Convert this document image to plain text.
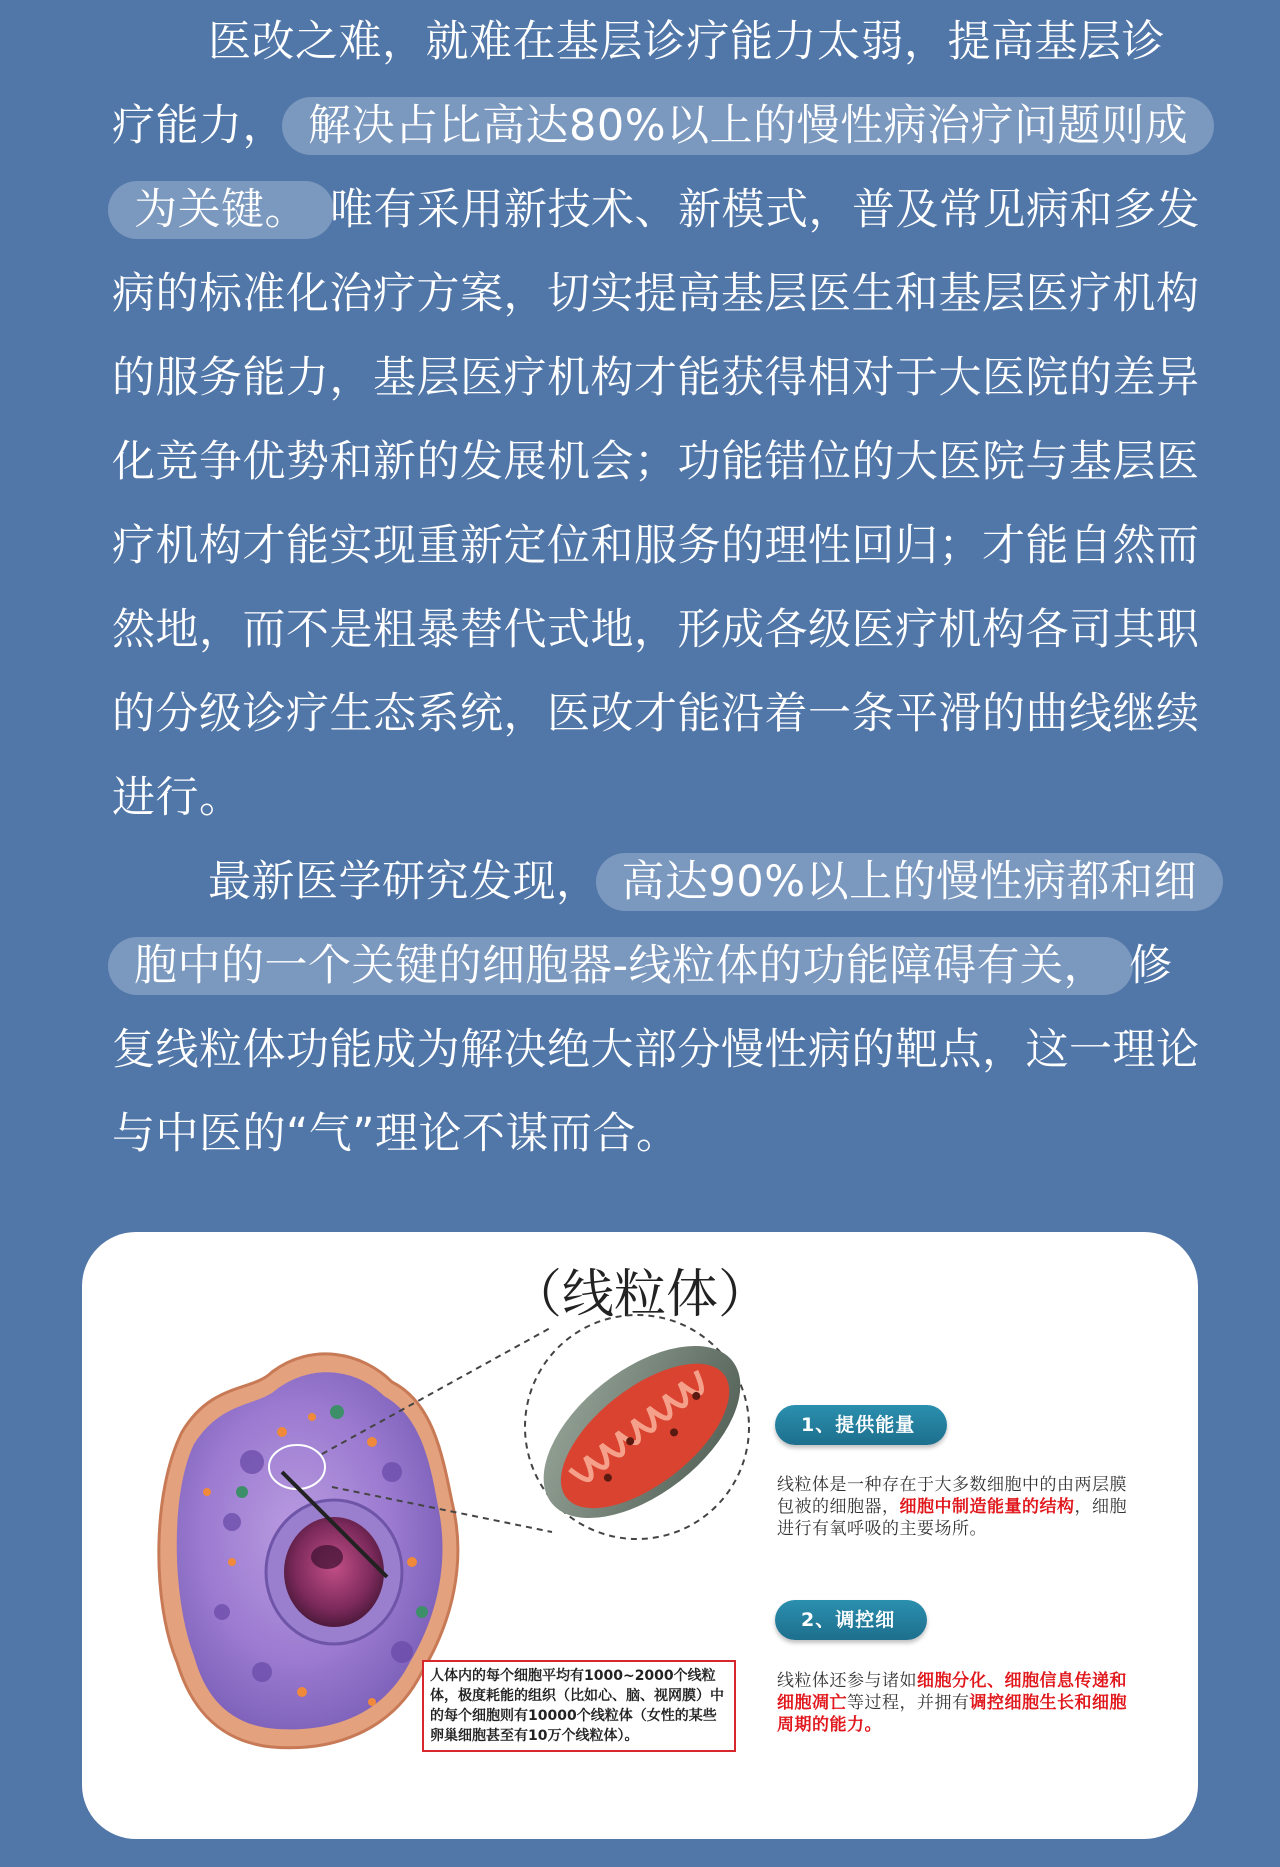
医改之难，就难在基层诊疗能力太弱，提高基层诊疗能力， 解决占比高达80%以上的慢性病治疗问题则成为关键。 唯有采用新技术、新模式，普及常见病和多发病的标准化治疗方案，切实提高基层医生和基层医疗机构的服务能力，基层医疗机构才能获得相对于大医院的差异化竞争优势和新的发展机会；功能错位的大医院与基层医疗机构才能实现重新定位和服务的理性回归；才能自然而然地，而不是粗暴替代式地，形成各级医疗机构各司其职的分级诊疗生态系统，医改才能沿着一条平滑的曲线继续进行。

最新医学研究发现， 高达90%以上的慢性病都和细胞中的一个关键的细胞器-线粒体的功能障碍有关， 修复线粒体功能成为解决绝大部分慢性病的靶点，这一理论与中医的“气”理论不谋而合。

（线粒体）
1、提供能量
线粒体是一种存在于大多数细胞中的由两层膜包被的细胞器，细胞中制造能量的结构，细胞进行有氧呼吸的主要场所。
2、调控细胞
线粒体还参与诸如细胞分化、细胞信息传递和细胞凋亡等过程，并拥有调控细胞生长和细胞周期的能力。
人体内的每个细胞平均有1000~2000个线粒体，极度耗能的组织（比如心、脑、视网膜）中的每个细胞则有10000个线粒体（女性的某些卵巢细胞甚至有10万个线粒体）。
